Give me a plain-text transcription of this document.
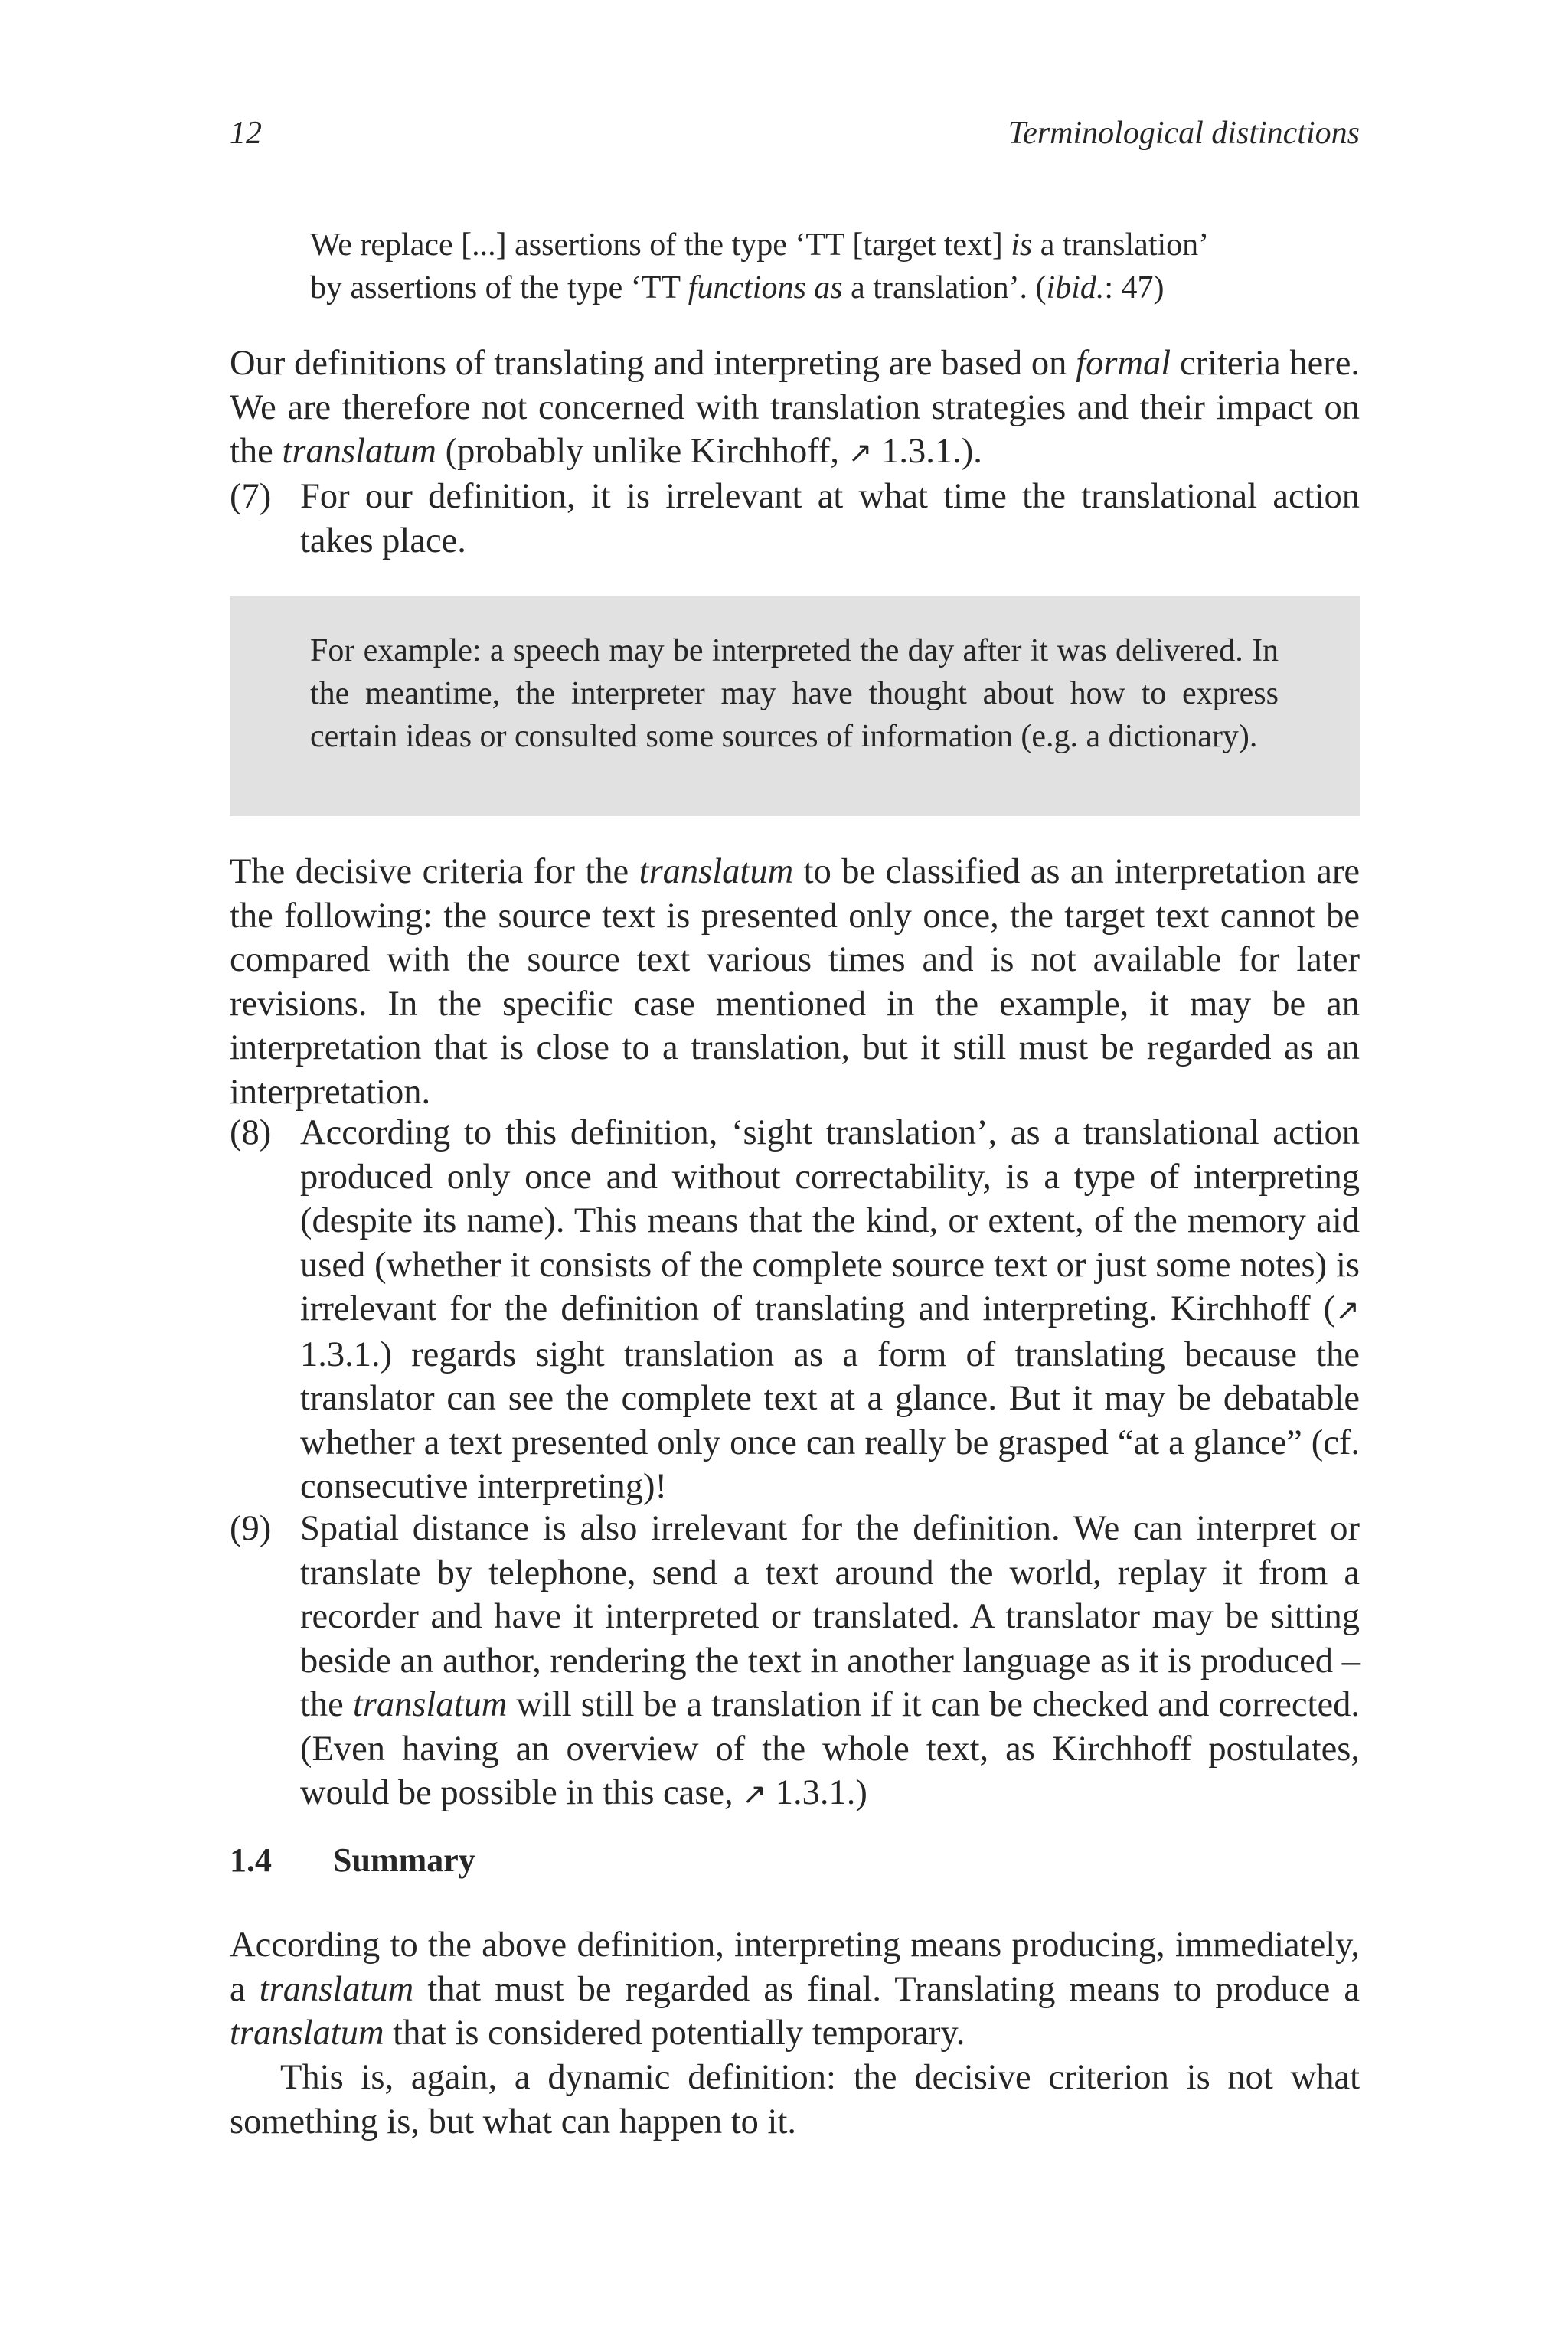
12	Terminological distinctions

We replace [...] assertions of the type ‘TT [target text] is a translation’

by assertions of the type ‘TT functions as a translation’. (ibid.: 47)

Our definitions of translating and interpreting are based on formal criteria here. We are therefore not concerned with translation strategies and their impact on the translatum (probably unlike Kirchhoff, ↗ 1.3.1.).

(7) For our definition, it is irrelevant at what time the translational action takes place.

For example: a speech may be interpreted the day after it was delivered. In the meantime, the interpreter may have thought about how to express certain ideas or consulted some sources of information (e.g. a dictionary).

The decisive criteria for the translatum to be classified as an interpretation are the following: the source text is presented only once, the target text cannot be compared with the source text various times and is not available for later revisions. In the specific case mentioned in the example, it may be an interpretation that is close to a translation, but it still must be regarded as an interpretation.

(8) According to this definition, ‘sight translation’, as a translational action produced only once and without correctability, is a type of interpreting (despite its name). This means that the kind, or extent, of the memory aid used (whether it consists of the complete source text or just some notes) is irrelevant for the definition of translating and interpreting. Kirchhoff (↗ 1.3.1.) regards sight translation as a form of translating because the translator can see the complete text at a glance. But it may be debatable whether a text presented only once can really be grasped “at a glance” (cf. consecutive interpreting)!
(9) Spatial distance is also irrelevant for the definition. We can interpret or translate by telephone, send a text around the world, replay it from a recorder and have it interpreted or translated. A translator may be sitting beside an author, rendering the text in another language as it is produced – the translatum will still be a translation if it can be checked and corrected. (Even having an overview of the whole text, as Kirchhoff postulates, would be possible in this case, ↗ 1.3.1.)
1.4 Summary

According to the above definition, interpreting means producing, immediately, a translatum that must be regarded as final. Translating means to produce a translatum that is considered potentially temporary.

This is, again, a dynamic definition: the decisive criterion is not what something is, but what can happen to it.
